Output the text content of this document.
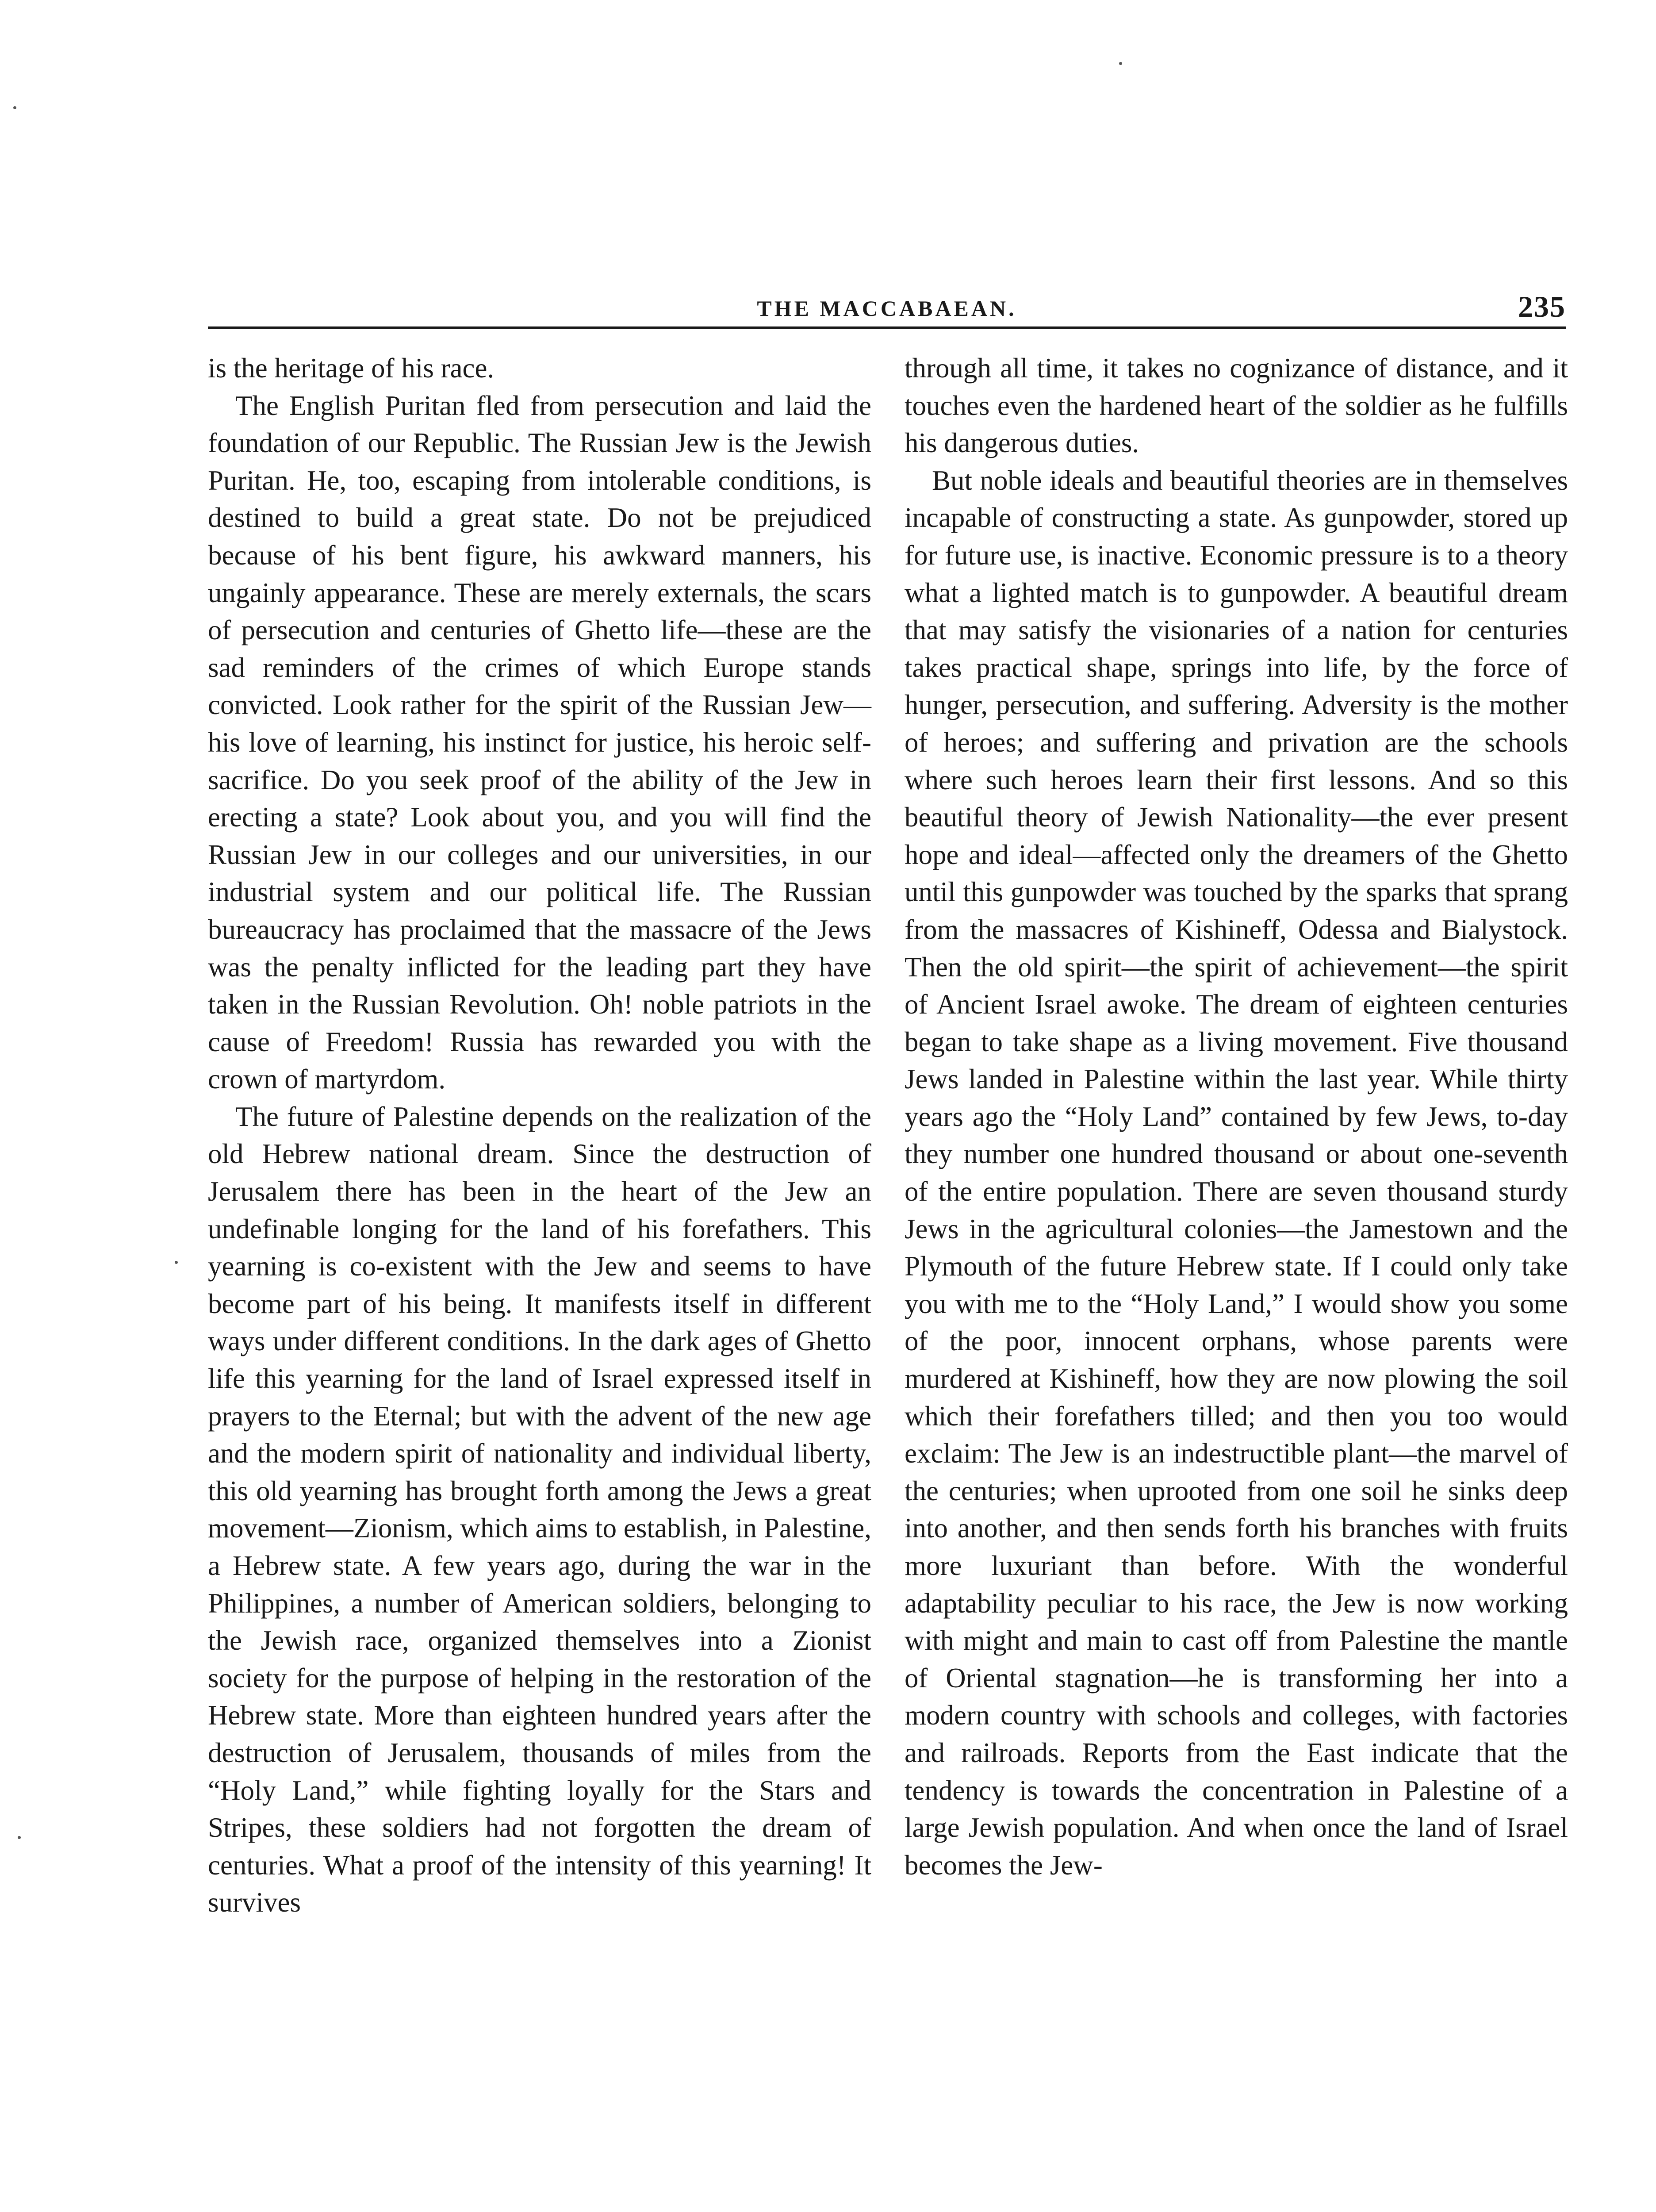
THE MACCABAEAN.	235

is the heritage of his race.

The English Puritan fled from persecution and laid the foundation of our Republic. The Russian Jew is the Jewish Puritan. He, too, escaping from intolerable conditions, is destined to build a great state. Do not be prejudiced because of his bent figure, his awkward manners, his ungainly appearance. These are merely externals, the scars of persecution and centuries of Ghetto life—these are the sad reminders of the crimes of which Europe stands convicted. Look rather for the spirit of the Russian Jew—his love of learning, his instinct for justice, his heroic self-sacrifice. Do you seek proof of the ability of the Jew in erecting a state? Look about you, and you will find the Russian Jew in our colleges and our universities, in our industrial system and our political life. The Russian bureaucracy has proclaimed that the massacre of the Jews was the penalty inflicted for the leading part they have taken in the Russian Revolution. Oh! noble patriots in the cause of Freedom! Russia has rewarded you with the crown of martyrdom.

The future of Palestine depends on the realization of the old Hebrew national dream. Since the destruction of Jerusalem there has been in the heart of the Jew an undefinable longing for the land of his forefathers. This yearning is co-existent with the Jew and seems to have become part of his being. It manifests itself in different ways under different conditions. In the dark ages of Ghetto life this yearning for the land of Israel expressed itself in prayers to the Eternal; but with the advent of the new age and the modern spirit of nationality and individual liberty, this old yearning has brought forth among the Jews a great movement—Zionism, which aims to establish, in Palestine, a Hebrew state. A few years ago, during the war in the Philippines, a number of American soldiers, belonging to the Jewish race, organized themselves into a Zionist society for the purpose of helping in the restoration of the Hebrew state. More than eighteen hundred years after the destruction of Jerusalem, thousands of miles from the “Holy Land,” while fighting loyally for the Stars and Stripes, these soldiers had not forgotten the dream of centuries. What a proof of the intensity of this yearning! It survives

through all time, it takes no cognizance of distance, and it touches even the hardened heart of the soldier as he fulfills his dangerous duties.

But noble ideals and beautiful theories are in themselves incapable of constructing a state. As gunpowder, stored up for future use, is inactive. Economic pressure is to a theory what a lighted match is to gunpowder. A beautiful dream that may satisfy the visionaries of a nation for centuries takes practical shape, springs into life, by the force of hunger, persecution, and suffering. Adversity is the mother of heroes; and suffering and privation are the schools where such heroes learn their first lessons. And so this beautiful theory of Jewish Nationality—the ever present hope and ideal—affected only the dreamers of the Ghetto until this gunpowder was touched by the sparks that sprang from the massacres of Kishineff, Odessa and Bialystock. Then the old spirit—the spirit of achievement—the spirit of Ancient Israel awoke. The dream of eighteen centuries began to take shape as a living movement. Five thousand Jews landed in Palestine within the last year. While thirty years ago the “Holy Land” contained by few Jews, to-day they number one hundred thousand or about one-seventh of the entire population. There are seven thousand sturdy Jews in the agricultural colonies—the Jamestown and the Plymouth of the future Hebrew state. If I could only take you with me to the “Holy Land,” I would show you some of the poor, innocent orphans, whose parents were murdered at Kishineff, how they are now plowing the soil which their forefathers tilled; and then you too would exclaim: The Jew is an indestructible plant—the marvel of the centuries; when uprooted from one soil he sinks deep into another, and then sends forth his branches with fruits more luxuriant than before. With the wonderful adaptability peculiar to his race, the Jew is now working with might and main to cast off from Palestine the mantle of Oriental stagnation—he is transforming her into a modern country with schools and colleges, with factories and railroads. Reports from the East indicate that the tendency is towards the concentration in Palestine of a large Jewish population. And when once the land of Israel becomes the Jew-
